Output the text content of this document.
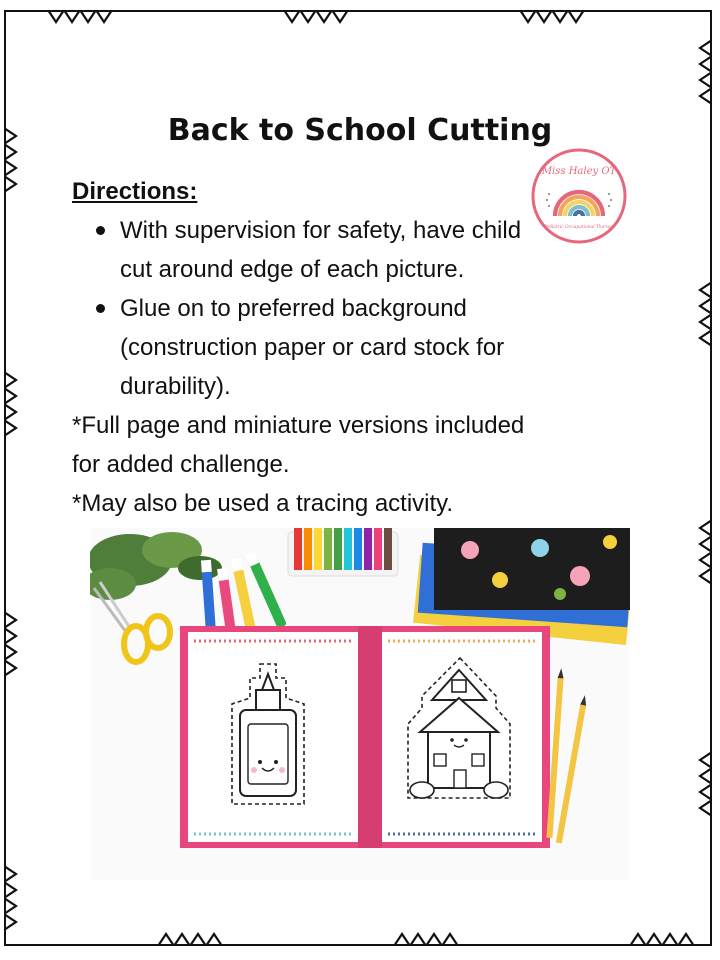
Back to School Cutting
Miss Haley OT
Pediatric Occupational Therapy

Directions:

With supervision for safety, have child cut around edge of each picture.
Glue on to preferred background (construction paper or card stock for durability).

*Full page and miniature versions included for added challenge.

*May also be used a tracing activity.
